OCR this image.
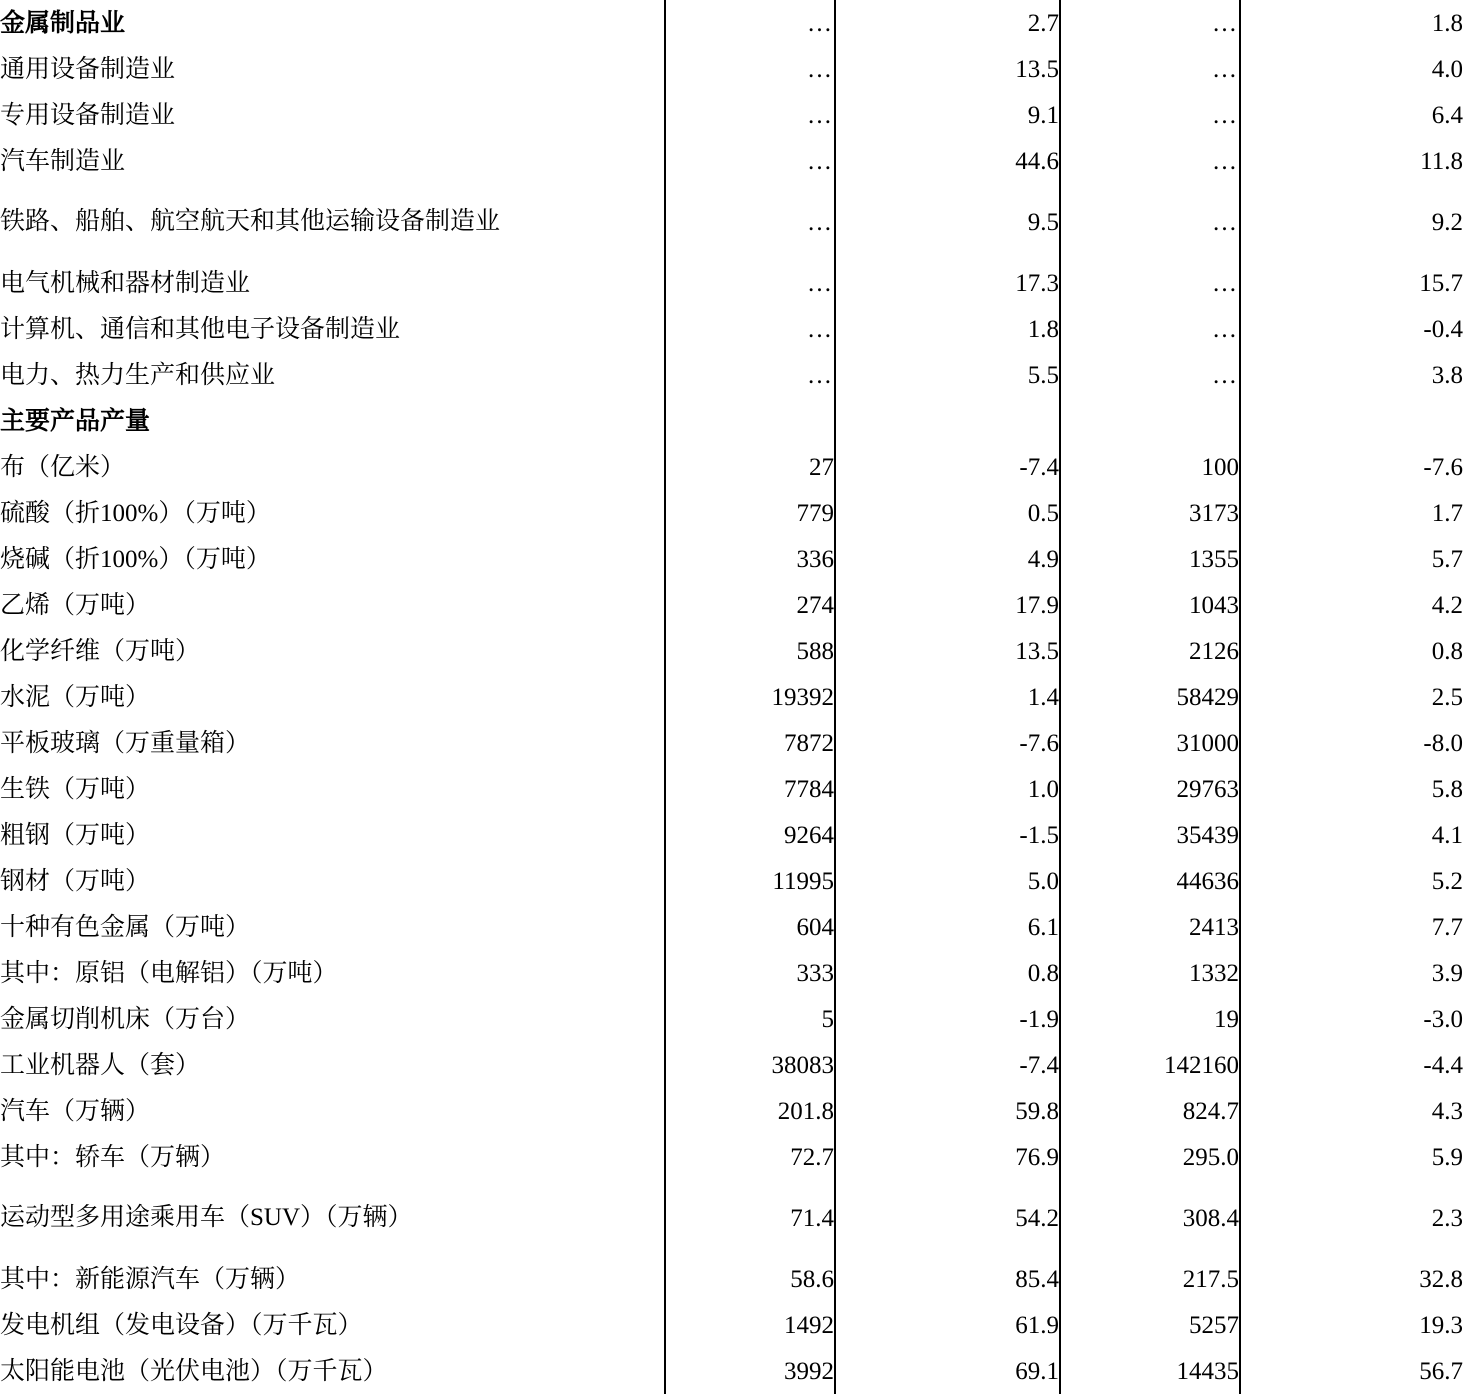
金属制品业	…	2.7	…	1.8
通用设备制造业	…	13.5	…	4.0
专用设备制造业	…	9.1	…	6.4
汽车制造业	…	44.6	…	11.8
铁路、船舶、航空航天和其他运输设备制造业	…	9.5	…	9.2
电气机械和器材制造业	…	17.3	…	15.7
计算机、通信和其他电子设备制造业	…	1.8	…	-0.4
电力、热力生产和供应业	…	5.5	…	3.8
主要产品产量				
布（亿米）	27	-7.4	100	-7.6
硫酸（折100%）（万吨）	779	0.5	3173	1.7
烧碱（折100%）（万吨）	336	4.9	1355	5.7
乙烯（万吨）	274	17.9	1043	4.2
化学纤维（万吨）	588	13.5	2126	0.8
水泥（万吨）	19392	1.4	58429	2.5
平板玻璃（万重量箱）	7872	-7.6	31000	-8.0
生铁（万吨）	7784	1.0	29763	5.8
粗钢（万吨）	9264	-1.5	35439	4.1
钢材（万吨）	11995	5.0	44636	5.2
十种有色金属（万吨）	604	6.1	2413	7.7
其中：原铝（电解铝）（万吨）	333	0.8	1332	3.9
金属切削机床（万台）	5	-1.9	19	-3.0
工业机器人（套）	38083	-7.4	142160	-4.4
汽车（万辆）	201.8	59.8	824.7	4.3
其中：轿车（万辆）	72.7	76.9	295.0	5.9
运动型多用途乘用车（SUV）（万辆）	71.4	54.2	308.4	2.3
其中：新能源汽车（万辆）	58.6	85.4	217.5	32.8
发电机组（发电设备）（万千瓦）	1492	61.9	5257	19.3
太阳能电池（光伏电池）（万千瓦）	3992	69.1	14435	56.7
